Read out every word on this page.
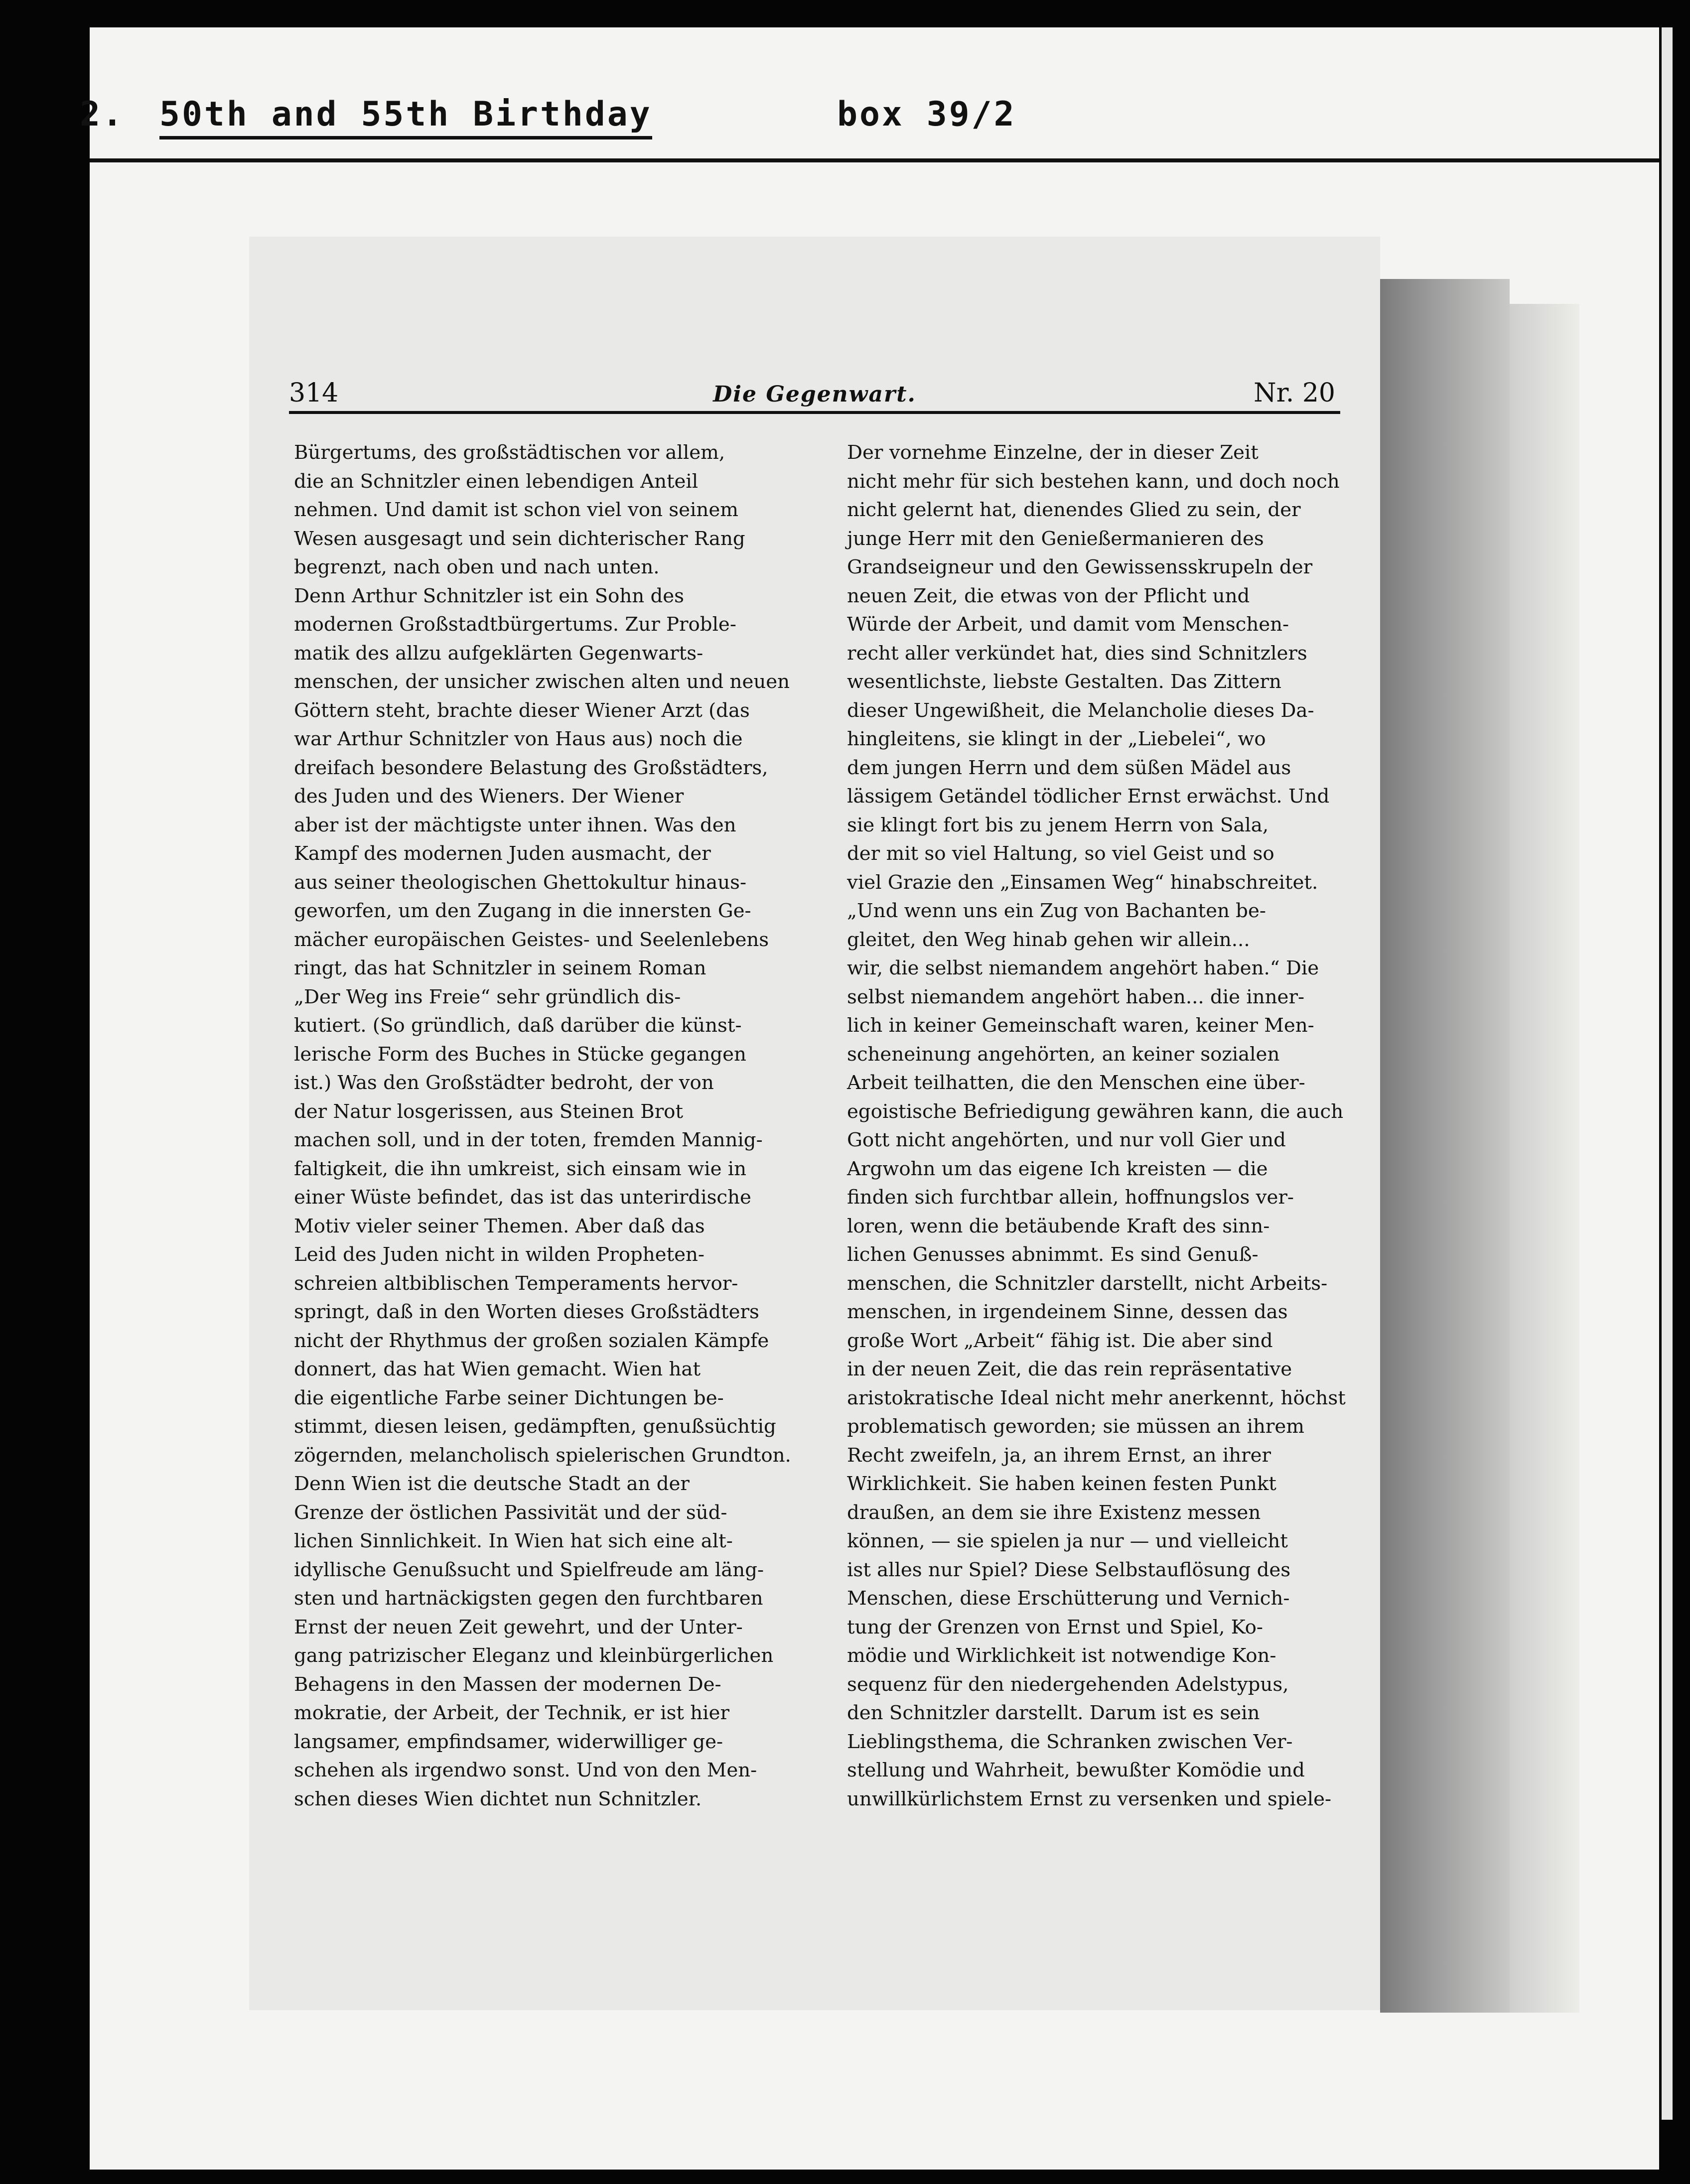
2.

50th and 55th Birthday

	box 39/2

314	Die Gegenwart.	Nr. 20
Bürgertums, des großstädtischen vor allem,
die an Schnitzler einen lebendigen Anteil
nehmen. Und damit ist schon viel von seinem
Wesen ausgesagt und sein dichterischer Rang
begrenzt, nach oben und nach unten.
Denn Arthur Schnitzler ist ein Sohn des
modernen Großstadtbürgertums. Zur Proble-
matik des allzu aufgeklärten Gegenwarts-
menschen, der unsicher zwischen alten und neuen
Göttern steht, brachte dieser Wiener Arzt (das
war Arthur Schnitzler von Haus aus) noch die
dreifach besondere Belastung des Großstädters,
des Juden und des Wieners. Der Wiener
aber ist der mächtigste unter ihnen. Was den
Kampf des modernen Juden ausmacht, der
aus seiner theologischen Ghettokultur hinaus-
geworfen, um den Zugang in die innersten Ge-
mächer europäischen Geistes- und Seelenlebens
ringt, das hat Schnitzler in seinem Roman
„Der Weg ins Freie“ sehr gründlich dis-
kutiert. (So gründlich, daß darüber die künst-
lerische Form des Buches in Stücke gegangen
ist.) Was den Großstädter bedroht, der von
der Natur losgerissen, aus Steinen Brot
machen soll, und in der toten, fremden Mannig-
faltigkeit, die ihn umkreist, sich einsam wie in
einer Wüste befindet, das ist das unterirdische
Motiv vieler seiner Themen. Aber daß das
Leid des Juden nicht in wilden Propheten-
schreien altbiblischen Temperaments hervor-
springt, daß in den Worten dieses Großstädters
nicht der Rhythmus der großen sozialen Kämpfe
donnert, das hat Wien gemacht. Wien hat
die eigentliche Farbe seiner Dichtungen be-
stimmt, diesen leisen, gedämpften, genußsüchtig
zögernden, melancholisch spielerischen Grundton.
Denn Wien ist die deutsche Stadt an der
Grenze der östlichen Passivität und der süd-
lichen Sinnlichkeit. In Wien hat sich eine alt-
idyllische Genußsucht und Spielfreude am läng-
sten und hartnäckigsten gegen den furchtbaren
Ernst der neuen Zeit gewehrt, und der Unter-
gang patrizischer Eleganz und kleinbürgerlichen
Behagens in den Massen der modernen De-
mokratie, der Arbeit, der Technik, er ist hier
langsamer, empfindsamer, widerwilliger ge-
schehen als irgendwo sonst. Und von den Men-
schen dieses Wien dichtet nun Schnitzler.
Der vornehme Einzelne, der in dieser Zeit
nicht mehr für sich bestehen kann, und doch noch
nicht gelernt hat, dienendes Glied zu sein, der
junge Herr mit den Genießermanieren des
Grandseigneur und den Gewissensskrupeln der
neuen Zeit, die etwas von der Pflicht und
Würde der Arbeit, und damit vom Menschen-
recht aller verkündet hat, dies sind Schnitzlers
wesentlichste, liebste Gestalten. Das Zittern
dieser Ungewißheit, die Melancholie dieses Da-
hingleitens, sie klingt in der „Liebelei“, wo
dem jungen Herrn und dem süßen Mädel aus
lässigem Getändel tödlicher Ernst erwächst. Und
sie klingt fort bis zu jenem Herrn von Sala,
der mit so viel Haltung, so viel Geist und so
viel Grazie den „Einsamen Weg“ hinabschreitet.
„Und wenn uns ein Zug von Bachanten be-
gleitet, den Weg hinab gehen wir allein...
wir, die selbst niemandem angehört haben.“ Die
selbst niemandem angehört haben... die inner-
lich in keiner Gemeinschaft waren, keiner Men-
scheneinung angehörten, an keiner sozialen
Arbeit teilhatten, die den Menschen eine über-
egoistische Befriedigung gewähren kann, die auch
Gott nicht angehörten, und nur voll Gier und
Argwohn um das eigene Ich kreisten — die
finden sich furchtbar allein, hoffnungslos ver-
loren, wenn die betäubende Kraft des sinn-
lichen Genusses abnimmt. Es sind Genuß-
menschen, die Schnitzler darstellt, nicht Arbeits-
menschen, in irgendeinem Sinne, dessen das
große Wort „Arbeit“ fähig ist. Die aber sind
in der neuen Zeit, die das rein repräsentative
aristokratische Ideal nicht mehr anerkennt, höchst
problematisch geworden; sie müssen an ihrem
Recht zweifeln, ja, an ihrem Ernst, an ihrer
Wirklichkeit. Sie haben keinen festen Punkt
draußen, an dem sie ihre Existenz messen
können, — sie spielen ja nur — und vielleicht
ist alles nur Spiel? Diese Selbstauflösung des
Menschen, diese Erschütterung und Vernich-
tung der Grenzen von Ernst und Spiel, Ko-
mödie und Wirklichkeit ist notwendige Kon-
sequenz für den niedergehenden Adelstypus,
den Schnitzler darstellt. Darum ist es sein
Lieblingsthema, die Schranken zwischen Ver-
stellung und Wahrheit, bewußter Komödie und
unwillkürlichstem Ernst zu versenken und spiele-
